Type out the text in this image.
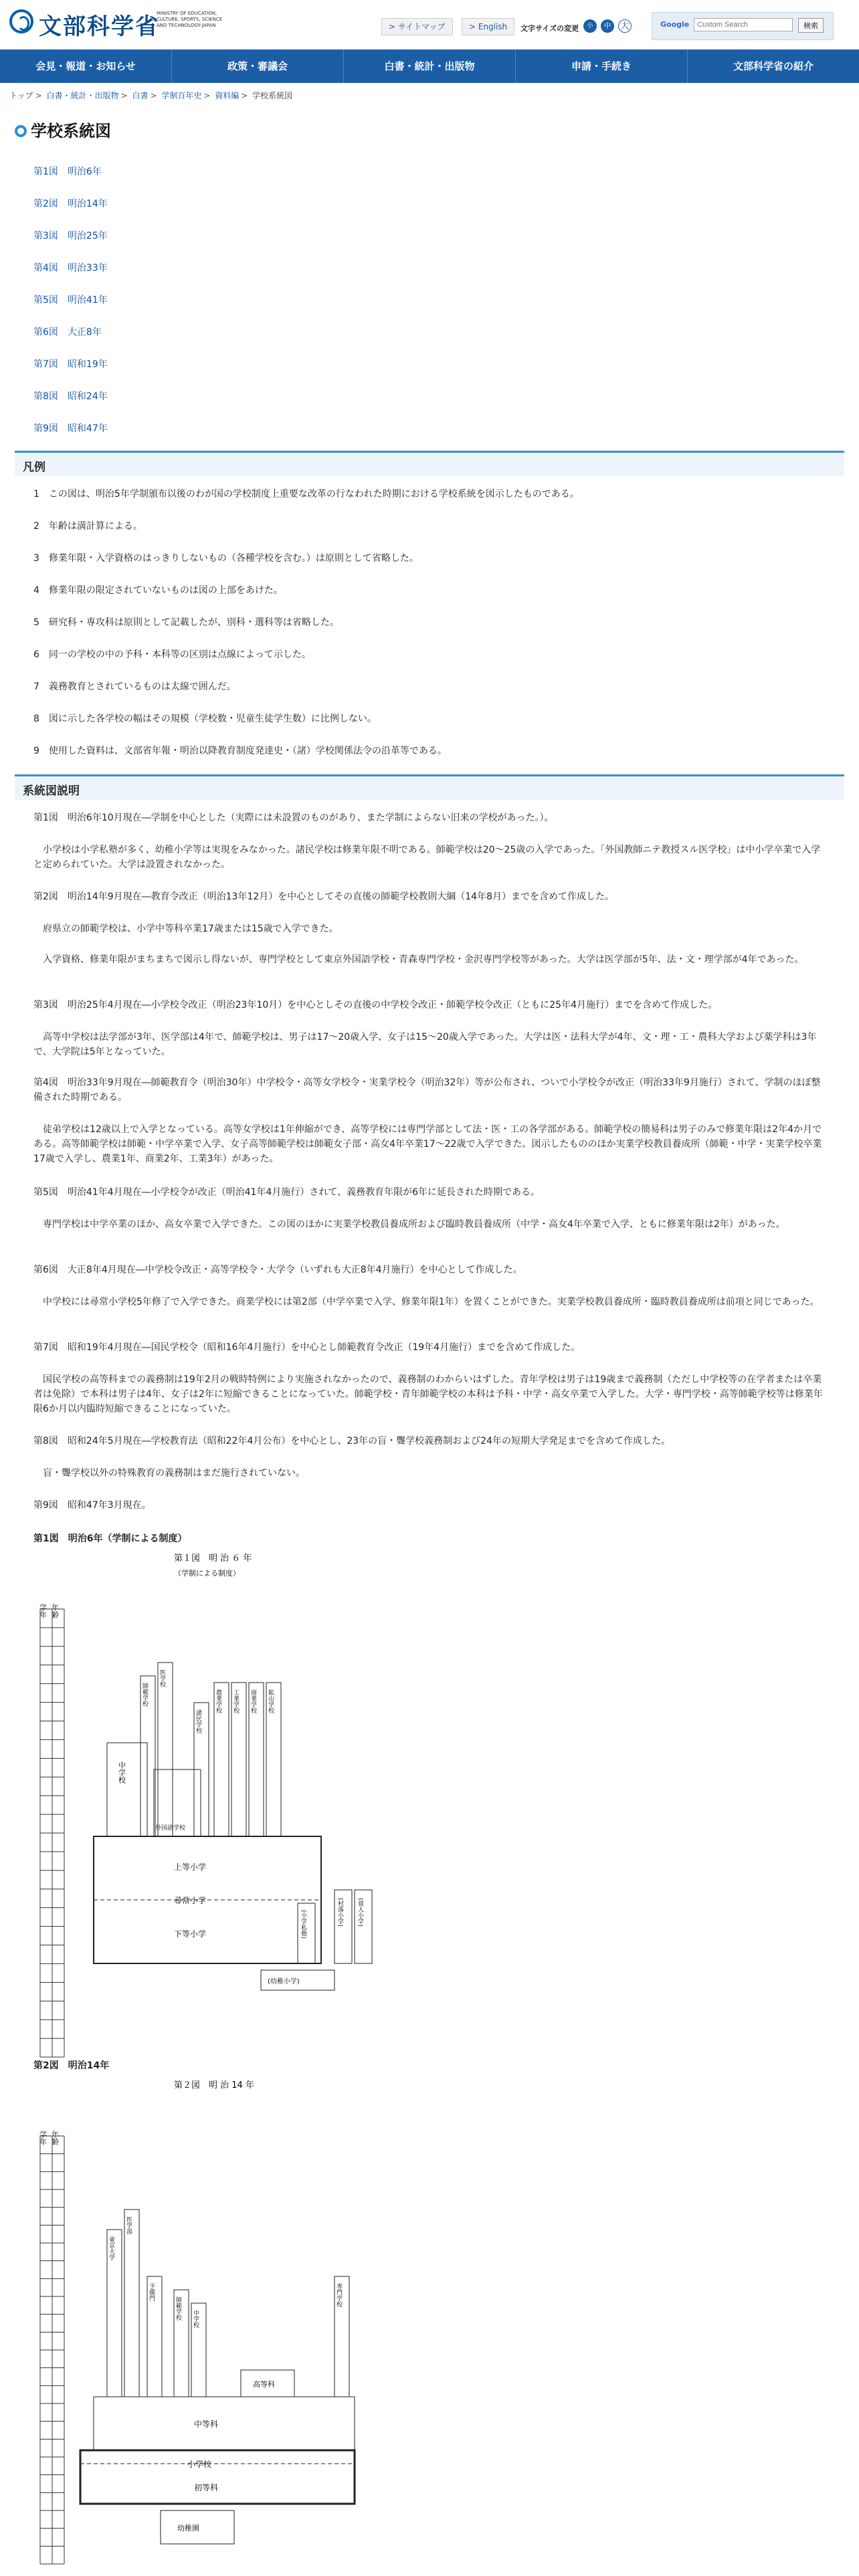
文部科学省
MINISTRY OF EDUCATION, CULTURE, SPORTS, SCIENCE AND TECHNOLOGY-JAPAN	> サイトマップ	> English	文字サイズの変更	小	中	大	Google
Custom Search	検索
会見・報道・お知らせ	政策・審議会	白書・統計・出版物	申請・手続き	文部科学省の紹介
トップ > 白書・統計・出版物 > 白書 > 学制百年史 > 資料編 > 学校系統図
学校系統図
第1図　明治6年
第2図　明治14年
第3図　明治25年
第4図　明治33年
第5図　明治41年
第6図　大正8年
第7図　昭和19年
第8図　昭和24年
第9図　昭和47年
凡例
1　この図は、明治5年学制頒布以後のわが国の学校制度上重要な改革の行なわれた時期における学校系統を図示したものである。
2　年齢は満計算による。
3　修業年限・入学資格のはっきりしないもの（各種学校を含む。）は原則として省略した。
4　修業年限の限定されていないものは図の上部をあけた。
5　研究科・専攻科は原則として記載したが、別科・選科等は省略した。
6　同一の学校の中の予科・本科等の区別は点線によって示した。
7　義務教育とされているものは太線で囲んだ。
8　図に示した各学校の幅はその規模（学校数・児童生徒学生数）に比例しない。
9　使用した資料は、文部省年報・明治以降教育制度発達史・（諸）学校関係法令の沿革等である。
系統図説明
第1図　明治6年10月現在―学制を中心とした（実際には未設置のものがあり、また学制によらない旧来の学校があった。）。
　小学校は小学私塾が多く、幼稚小学等は実現をみなかった。諸民学校は修業年限不明である。師範学校は20～25歳の入学であった。「外国教師ニテ教授スル医学校」は中小学卒業で入学と定められていた。大学は設置されなかった。
第2図　明治14年9月現在―教育令改正（明治13年12月）を中心としてその直後の師範学校教則大綱（14年8月）までを含めて作成した。
　府県立の師範学校は、小学中等科卒業17歳または15歳で入学できた。
　入学資格、修業年限がまちまちで図示し得ないが、専門学校として東京外国語学校・青森専門学校・金沢専門学校等があった。大学は医学部が5年、法・文・理学部が4年であった。
第3図　明治25年4月現在―小学校令改正（明治23年10月）を中心としその直後の中学校令改正・師範学校令改正（ともに25年4月施行）までを含めて作成した。
　高等中学校は法学部が3年、医学部は4年で、師範学校は、男子は17～20歳入学、女子は15～20歳入学であった。大学は医・法科大学が4年、文・理・工・農科大学および薬学科は3年で、大学院は5年となっていた。
第4図　明治33年9月現在―師範教育令（明治30年）中学校令・高等女学校令・実業学校令（明治32年）等が公布され、ついで小学校令が改正（明治33年9月施行）されて、学制のほぼ整備された時期である。
　徒弟学校は12歳以上で入学となっている。高等女学校は1年伸縮ができ、高等学校には専門学部として法・医・工の各学部がある。師範学校の簡易科は男子のみで修業年限は2年4か月である。高等師範学校は師範・中学卒業で入学、女子高等師範学校は師範女子部・高女4年卒業17～22歳で入学できた。図示したもののほか実業学校教員養成所（師範・中学・実業学校卒業17歳で入学し、農業1年、商業2年、工業3年）があった。
第5図　明治41年4月現在―小学校令が改正（明治41年4月施行）されて、義務教育年限が6年に延長された時期である。
　専門学校は中学卒業のほか、高女卒業で入学できた。この図のほかに実業学校教員養成所および臨時教員養成所（中学・高女4年卒業で入学、ともに修業年限は2年）があった。
第6図　大正8年4月現在―中学校令改正・高等学校令・大学令（いずれも大正8年4月施行）を中心として作成した。
　中学校には尋常小学校5年修了で入学できた。商業学校には第2部（中学卒業で入学、修業年限1年）を置くことができた。実業学校教員養成所・臨時教員養成所は前項と同じであった。
第7図　昭和19年4月現在―国民学校令（昭和16年4月施行）を中心とし師範教育令改正（19年4月施行）までを含めて作成した。
　国民学校の高等科までの義務制は19年2月の戦時特例により実施されなかったので、義務制のわからいはずした。青年学校は男子は19歳まで義務制（ただし中学校等の在学者または卒業者は免除）で本科は男子は4年、女子は2年に短縮できることになっていた。師範学校・青年師範学校の本科は予科・中学・高女卒業で入学した。大学・専門学校・高等師範学校等は修業年限6か月以内臨時短縮できることになっていた。
第8図　昭和24年5月現在―学校教育法（昭和22年4月公布）を中心とし、23年の盲・聾学校義務制および24年の短期大学発足までを含めて作成した。
　盲・聾学校以外の特殊教育の義務制はまだ施行されていない。
第9図　昭和47年3月現在。
第1図　明治6年（学制による制度）
第１図　明 治 ６ 年
（学制による制度）
学年 年齢
上等小学
尋常小学
下等小学
(村落小学) (貧人小学)
(小学私塾)
中学校
外国語学校
師範学校
医学校
諸民学校
農業学校 工業学校 商業学校 鉱山学校
(幼稚小学)
第2図　明治14年
第２図　明 治 14 年
学年 年齢
高等科
中等科
小学校
初等科
幼稚園
東京大学
医学部
予備門
師範学校 中学校
専門学校
